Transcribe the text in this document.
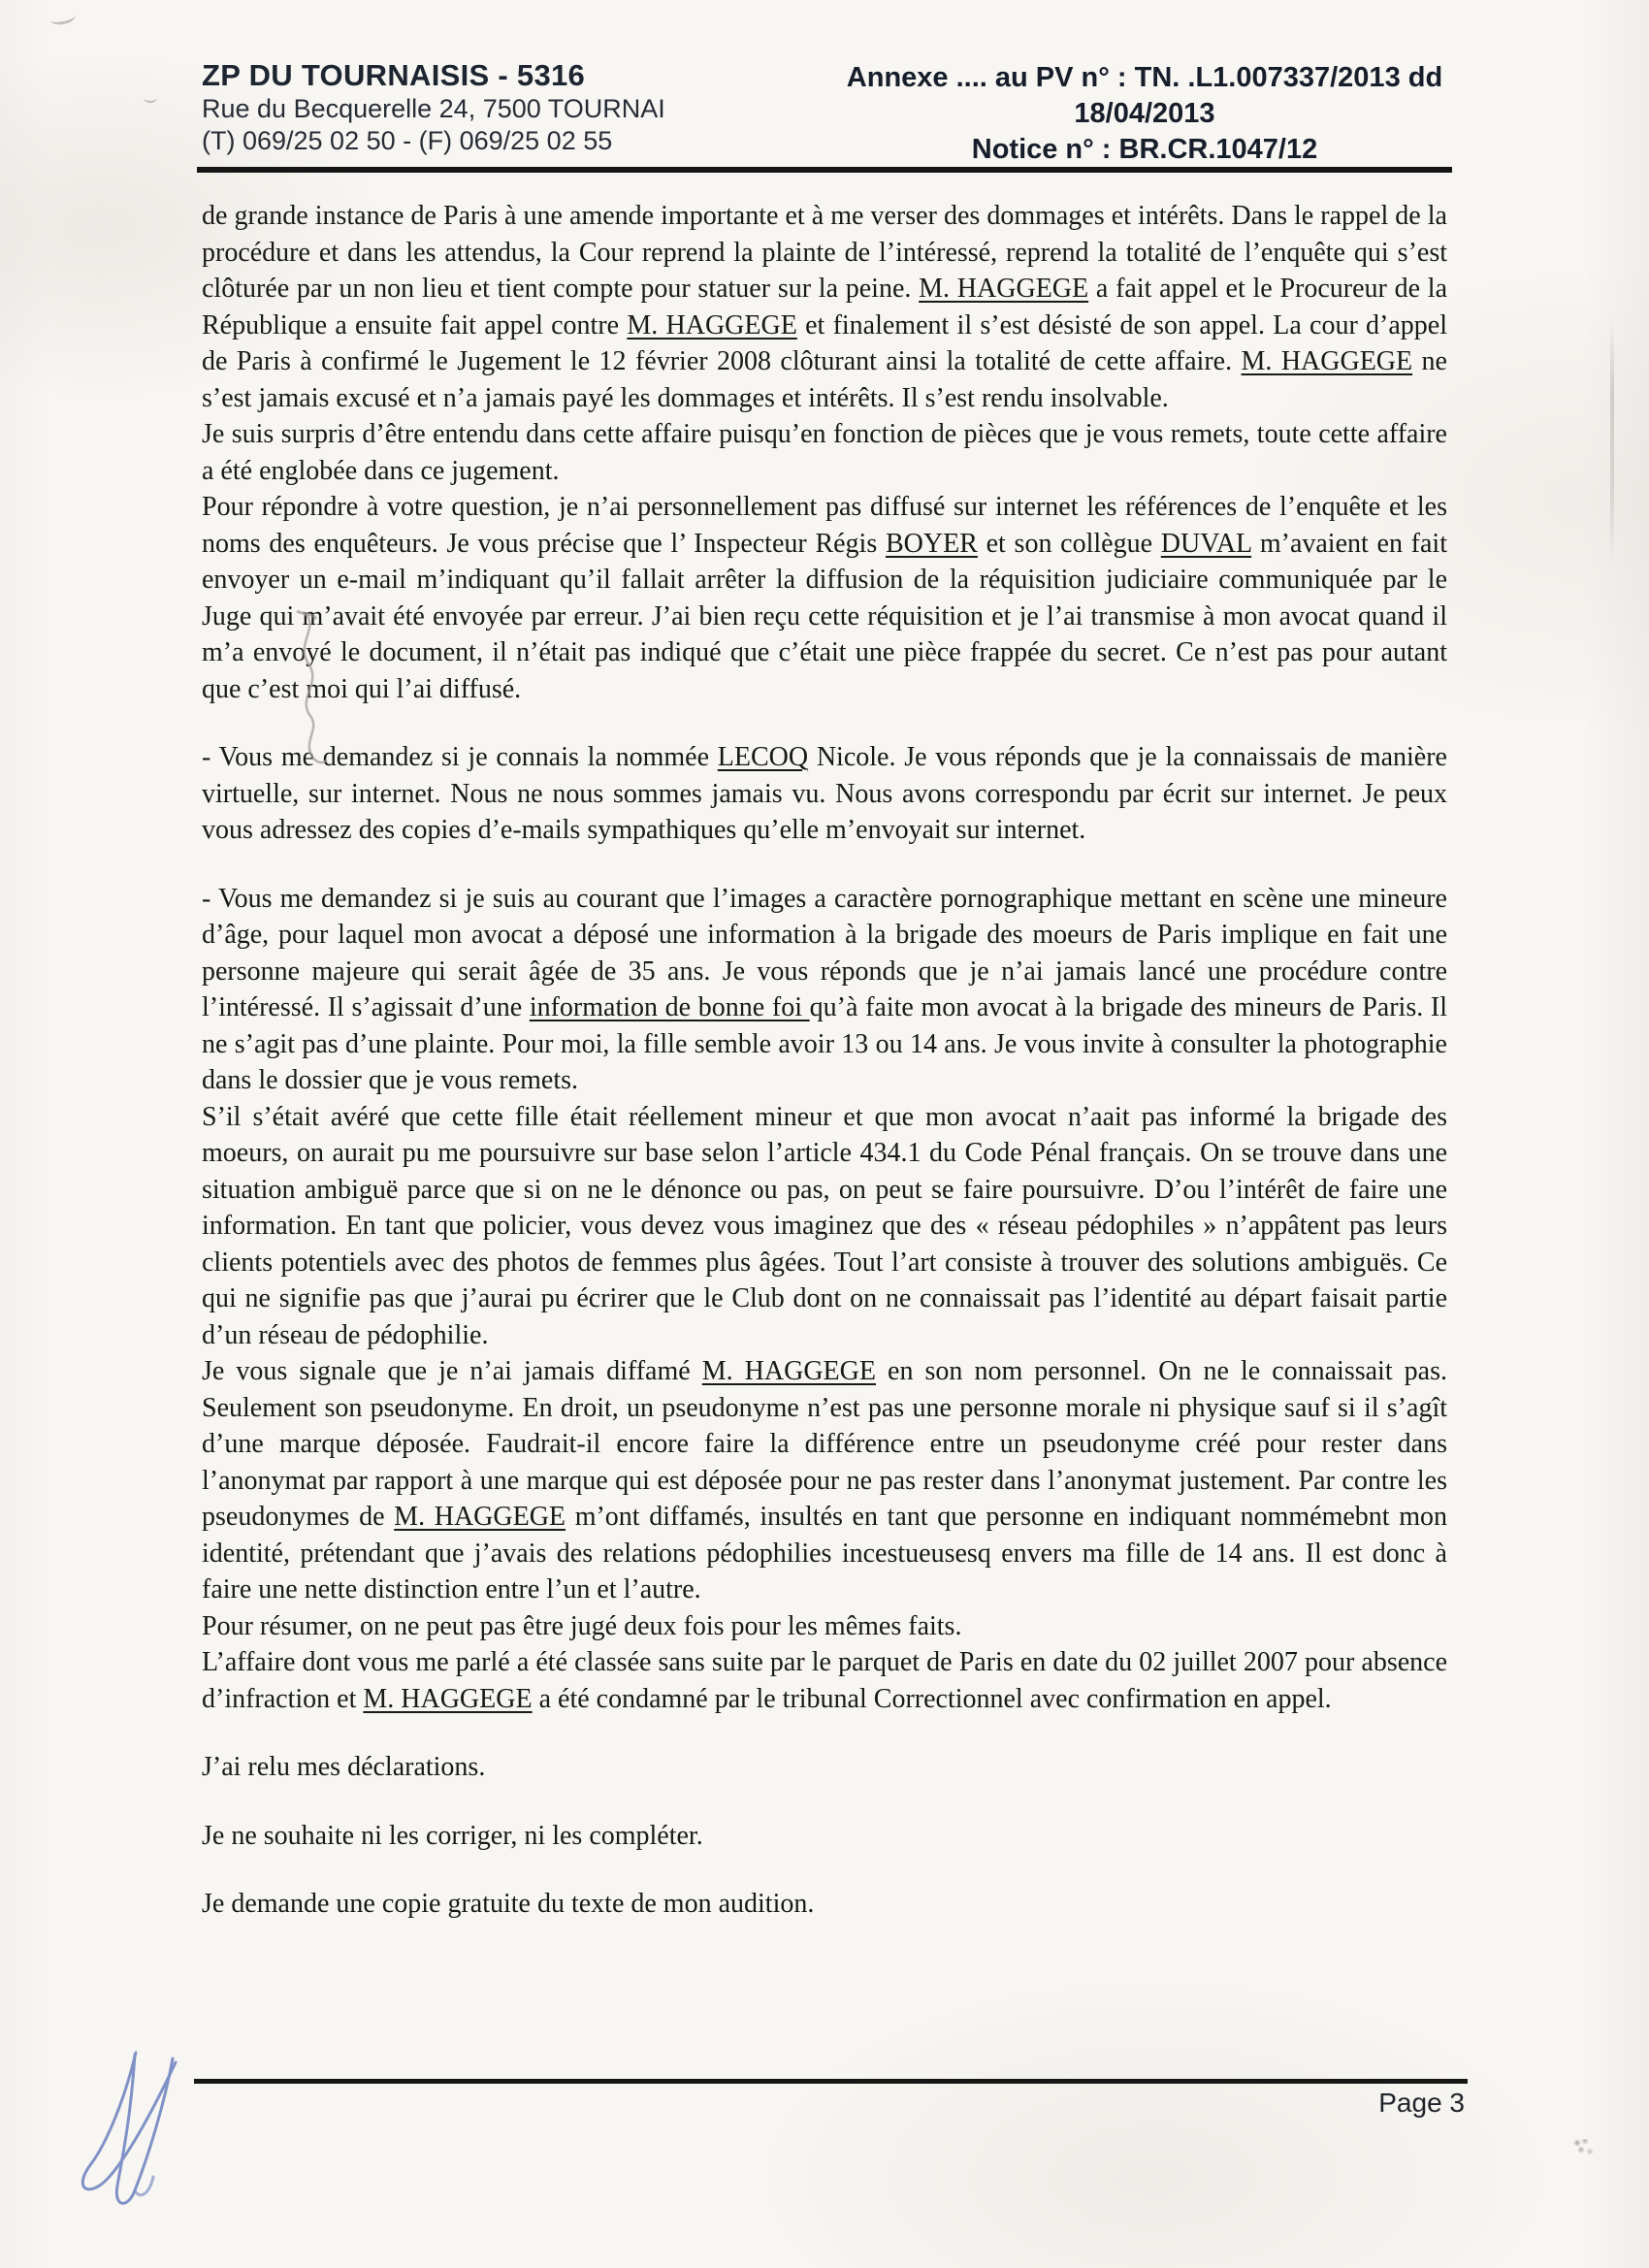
ZP DU TOURNAISIS - 5316
Rue du Becquerelle 24, 7500 TOURNAI
(T) 069/25 02 50 - (F) 069/25 02 55
Annexe .... au PV n° : TN. .L1.007337/2013 dd
18/04/2013
Notice n° : BR.CR.1047/12

de grande instance de Paris à une amende importante et à me verser des dommages et intérêts. Dans le rappel de la procédure et dans les attendus, la Cour reprend la plainte de l’intéressé, reprend la totalité de l’enquête qui s’est clôturée par un non lieu et tient compte pour statuer sur la peine. M. HAGGEGE a fait appel et le Procureur de la République a ensuite fait appel contre M. HAGGEGE et finalement il s’est désisté de son appel. La cour d’appel de Paris à confirmé le Jugement le 12 février 2008 clôturant ainsi la totalité de cette affaire. M. HAGGEGE ne s’est jamais excusé et n’a jamais payé les dommages et intérêts. Il s’est rendu insolvable.

Je suis surpris d’être entendu dans cette affaire puisqu’en fonction de pièces que je vous remets, toute cette affaire a été englobée dans ce jugement.

Pour répondre à votre question, je n’ai personnellement pas diffusé sur internet les références de l’enquête et les noms des enquêteurs. Je vous précise que l’ Inspecteur Régis BOYER et son collègue DUVAL m’avaient en fait envoyer un e-mail m’indiquant qu’il fallait arrêter la diffusion de la réquisition judiciaire communiquée par le Juge qui m’avait été envoyée par erreur. J’ai bien reçu cette réquisition et je l’ai transmise à mon avocat quand il m’a envoyé le document, il n’était pas indiqué que c’était une pièce frappée du secret. Ce n’est pas pour autant que c’est moi qui l’ai diffusé.

- Vous me demandez si je connais la nommée LECOQ Nicole. Je vous réponds que je la connaissais de manière virtuelle, sur internet. Nous ne nous sommes jamais vu. Nous avons correspondu par écrit sur internet. Je peux vous adressez des copies d’e-mails sympathiques qu’elle m’envoyait sur internet.

- Vous me demandez si je suis au courant que l’images a caractère pornographique mettant en scène une mineure d’âge, pour laquel mon avocat a déposé une information à la brigade des moeurs de Paris implique en fait une personne majeure qui serait âgée de 35 ans. Je vous réponds que je n’ai jamais lancé une procédure contre l’intéressé. Il s’agissait d’une information de bonne foi qu’à faite mon avocat à la brigade des mineurs de Paris. Il ne s’agit pas d’une plainte. Pour moi, la fille semble avoir 13 ou 14 ans. Je vous invite à consulter la photographie dans le dossier que je vous remets.

S’il s’était avéré que cette fille était réellement mineur et que mon avocat n’aait pas informé la brigade des moeurs, on aurait pu me poursuivre sur base selon l’article 434.1 du Code Pénal français. On se trouve dans une situation ambiguë parce que si on ne le dénonce ou pas, on peut se faire poursuivre. D’ou l’intérêt de faire une information. En tant que policier, vous devez vous imaginez que des « réseau pédophiles » n’appâtent pas leurs clients potentiels avec des photos de femmes plus âgées. Tout l’art consiste à trouver des solutions ambiguës. Ce qui ne signifie pas que j’aurai pu écrirer que le Club dont on ne connaissait pas l’identité au départ faisait partie d’un réseau de pédophilie.

Je vous signale que je n’ai jamais diffamé M. HAGGEGE en son nom personnel. On ne le connaissait pas. Seulement son pseudonyme. En droit, un pseudonyme n’est pas une personne morale ni physique sauf si il s’agît d’une marque déposée. Faudrait-il encore faire la différence entre un pseudonyme créé pour rester dans l’anonymat par rapport à une marque qui est déposée pour ne pas rester dans l’anonymat justement. Par contre les pseudonymes de M. HAGGEGE m’ont diffamés, insultés en tant que personne en indiquant nommémebnt mon identité, prétendant que j’avais des relations pédophilies incestueusesq envers ma fille de 14 ans. Il est donc à faire une nette distinction entre l’un et l’autre.

Pour résumer, on ne peut pas être jugé deux fois pour les mêmes faits.

L’affaire dont vous me parlé a été classée sans suite par le parquet de Paris en date du 02 juillet 2007 pour absence d’infraction et M. HAGGEGE a été condamné par le tribunal Correctionnel avec confirmation en appel.

J’ai relu mes déclarations.

Je ne souhaite ni les corriger, ni les compléter.

Je demande une copie gratuite du texte de mon audition.

Page 3
